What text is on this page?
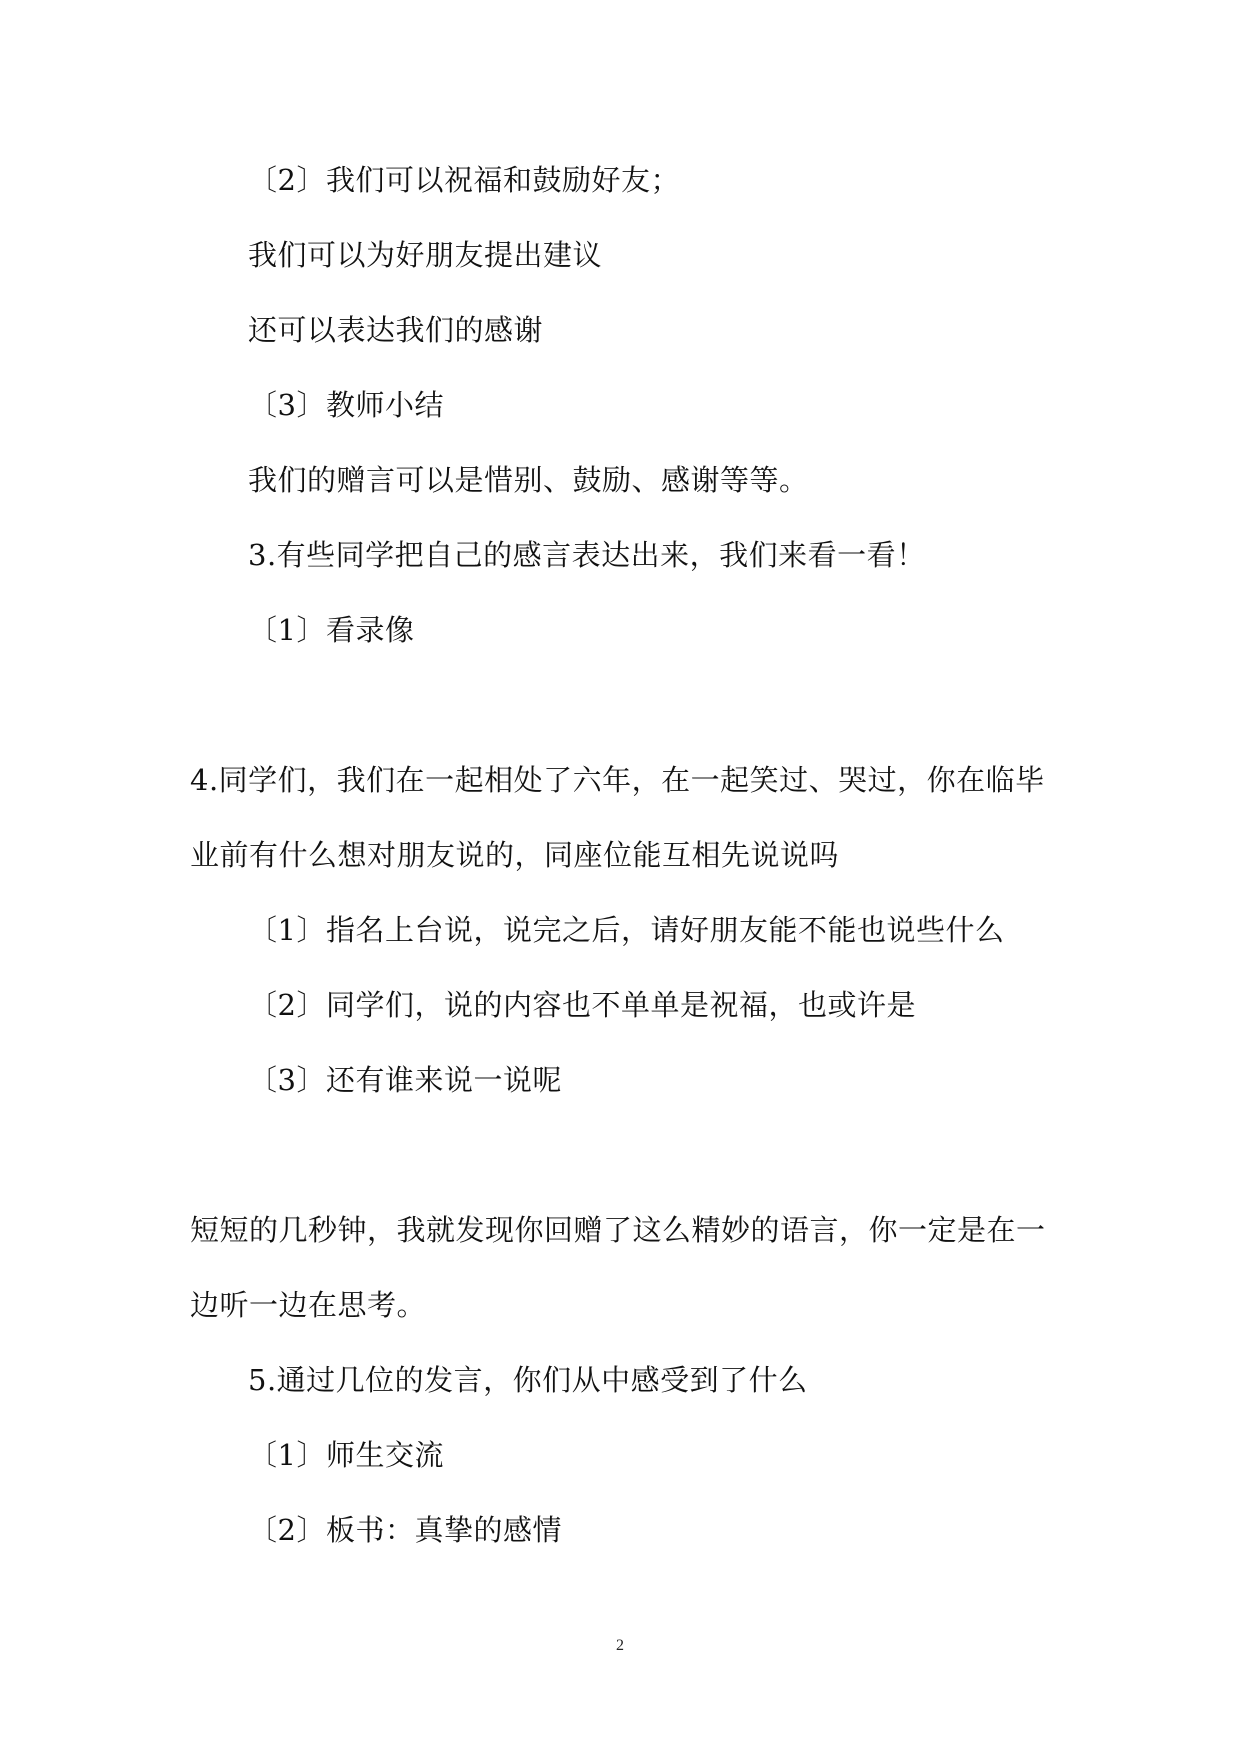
〔2〕我们可以祝福和鼓励好友；
我们可以为好朋友提出建议
还可以表达我们的感谢
〔3〕教师小结
我们的赠言可以是惜别、鼓励、感谢等等。
3.有些同学把自己的感言表达出来，我们来看一看！
〔1〕看录像
4.同学们，我们在一起相处了六年，在一起笑过、哭过，你在临毕
业前有什么想对朋友说的，同座位能互相先说说吗
〔1〕指名上台说，说完之后，请好朋友能不能也说些什么
〔2〕同学们，说的内容也不单单是祝福，也或许是
〔3〕还有谁来说一说呢
短短的几秒钟，我就发现你回赠了这么精妙的语言，你一定是在一
边听一边在思考。
5.通过几位的发言，你们从中感受到了什么
〔1〕师生交流
〔2〕板书：真挚的感情
2
